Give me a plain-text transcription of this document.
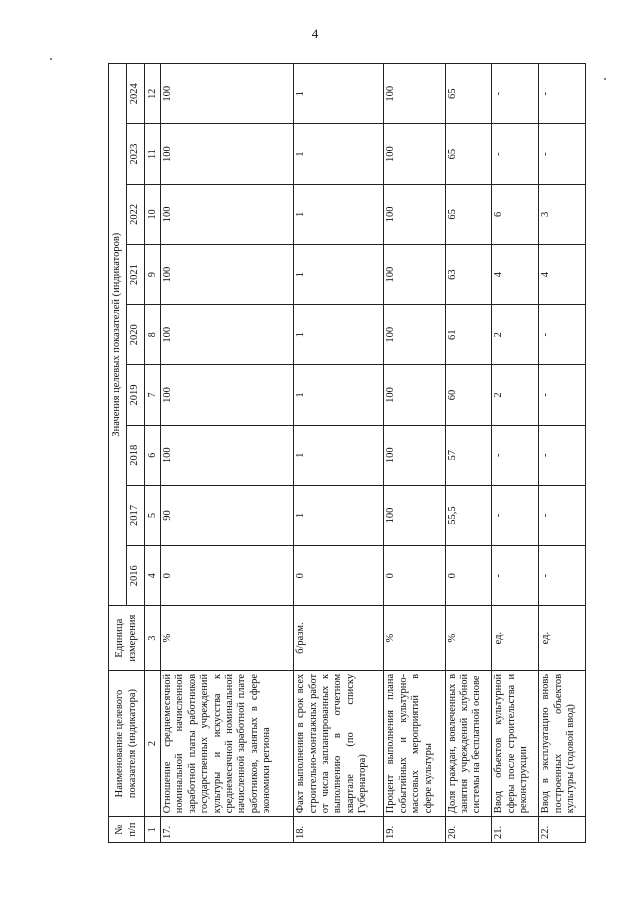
4
№ п/п	Наименование целевого показателя (индикатора)	Единица измерения	Значения целевых показателей (индикаторов)								
			2016	2017	2018	2019	2020	2021	2022	2023	2024
1	2	3	4	5	6	7	8	9	10	11	12
17.	Отношение среднемесячной номинальной начисленной заработной платы работников государственных учреждений культуры и искусства к среднемесячной номинальной начисленной заработной плате работников, занятых в сфере экономики региона	%	0	90	100	100	100	100	100	100	100
18.	Факт выполнения в срок всех строительно-монтажных работ от числа запланированных к выполнению в отчетном квартале (по списку Губернатора)	б/разм.	0	1	1	1	1	1	1	1	1
19.	Процент выполнения плана событийных и культурно-массовых мероприятий в сфере культуры	%	0	100	100	100	100	100	100	100	100
20.	Доля граждан, вовлеченных в занятия учреждений клубной системы на бесплатной основе	%	0	55,5	57	60	61	63	65	65	65
21.	Ввод объектов культурной сферы после строительства и реконструкции	ед.	-	-	-	2	2	4	6	-	-
22.	Ввод в эксплуатацию вновь построенных объектов культуры (годовой ввод)	ед.	-	-	-	-	-	4	3	-	-
